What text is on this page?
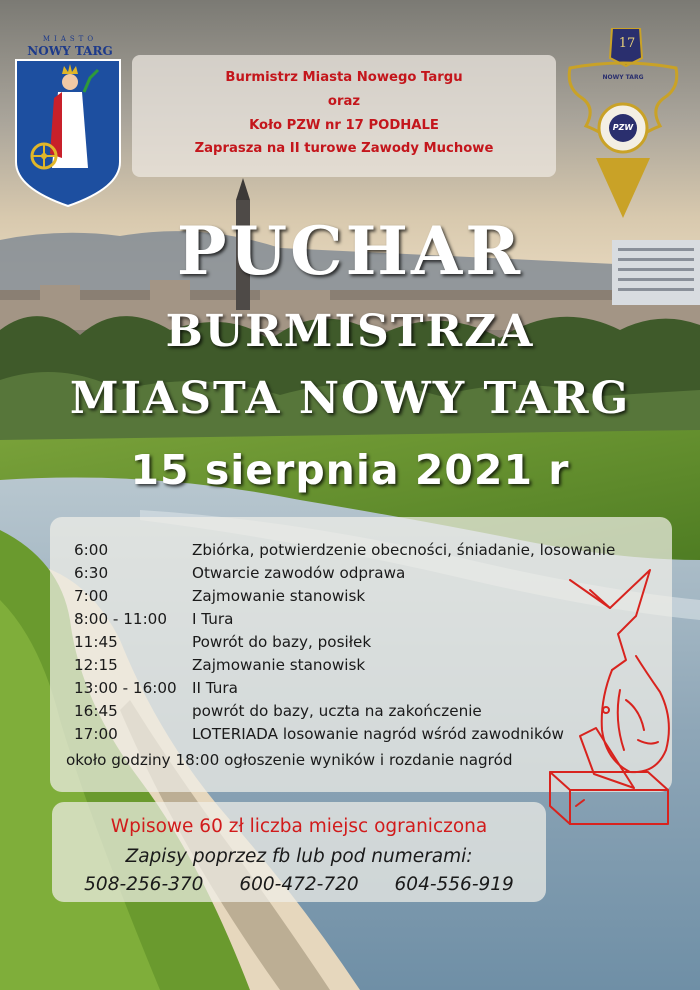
MIASTO
NOWY TARG	17
NOWY TARG
PZW
Burmistrz Miasta Nowego Targu
oraz
Koło PZW nr 17 PODHALE
Zaprasza na II turowe Zawody Muchowe
PUCHAR
BURMISTRZA
MIASTA NOWY TARG
15 sierpnia 2021 r
6:00	Zbiórka, potwierdzenie obecności, śniadanie, losowanie
6:30	Otwarcie zawodów odprawa
7:00	Zajmowanie stanowisk
8:00 - 11:00 I Tura
11:45	Powrót do bazy, posiłek
12:15	Zajmowanie stanowisk
13:00 - 16:00 II Tura
16:45	powrót do bazy, uczta na zakończenie
17:00	LOTERIADA losowanie nagród wśród zawodników
około godziny 18:00 ogłoszenie wyników i rozdanie nagród
Wpisowe 60 zł liczba miejsc ograniczona
Zapisy poprzez fb lub pod numerami:
508-256-370 600-472-720 604-556-919
